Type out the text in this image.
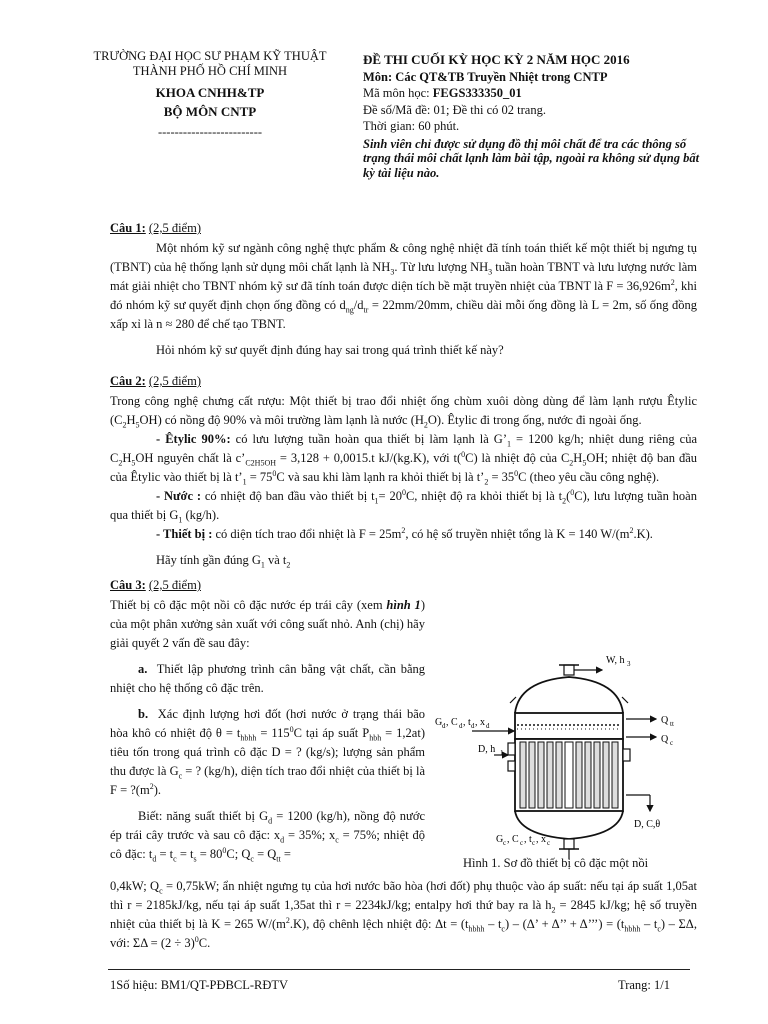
TRƯỜNG ĐẠI HỌC SƯ PHẠM KỸ THUẬT
THÀNH PHỐ HỒ CHÍ MINH
KHOA CNHH&TP
BỘ MÔN CNTP
-------------------------
ĐỀ THI CUỐI KỲ HỌC KỲ 2 NĂM HỌC 2016
Môn: Các QT&TB Truyền Nhiệt trong CNTP
Mã môn học: FEGS333350_01
Đề số/Mã đề: 01; Đề thi có 02 trang.
Thời gian: 60 phút.
Sinh viên chỉ được sử dụng đồ thị môi chất để tra các thông số trạng thái môi chất lạnh làm bài tập, ngoài ra không sử dụng bất kỳ tài liệu nào.
Câu 1: (2,5 điểm)

Một nhóm kỹ sư ngành công nghệ thực phẩm & công nghệ nhiệt đã tính toán thiết kế một thiết bị ngưng tụ (TBNT) của hệ thống lạnh sử dụng môi chất lạnh là $NH_3$. Từ lưu lượng $NH_3$ tuần hoàn TBNT và lưu lượng nước làm mát giải nhiệt cho TBNT nhóm kỹ sư đã tính toán được diện tích bề mặt truyền nhiệt của TBNT là $F = 36,926m^2$, khi đó nhóm kỹ sư quyết định chọn ống đồng có $d_{ng}/d_{tr} = 22mm/20mm$, chiều dài mỗi ống đồng là L = 2m, số ống đồng xấp xỉ là n ≈ 280 để chế tạo TBNT.

Hỏi nhóm kỹ sư quyết định đúng hay sai trong quá trình thiết kế này?

Câu 2: (2,5 điểm)

Trong công nghệ chưng cất rượu: Một thiết bị trao đổi nhiệt ống chùm xuôi dòng dùng để làm lạnh rượu Êtylic $(C_2H_5OH)$ có nồng độ 90% và môi trường làm lạnh là nước $(H_2O)$. Êtylic đi trong ống, nước đi ngoài ống.

- Êtylic 90%: có lưu lượng tuần hoàn qua thiết bị làm lạnh là $G’_1 = 1200$ kg/h; nhiệt dung riêng của $C_2H_5OH$ nguyên chất là $c’_{C2H5OH} = 3,128 + 0,0015.t$ kJ/(kg.K), với t($^0$C) là nhiệt độ của $C_2H_5OH$; nhiệt độ ban đầu của Êtylic vào thiết bị là $t’_1 = 75^0C$ và sau khi làm lạnh ra khỏi thiết bị là $t’_2 = 35^0C$ (theo yêu cầu công nghệ).

- Nước : có nhiệt độ ban đầu vào thiết bị $t_1= 20^0C$, nhiệt độ ra khỏi thiết bị là $t_2(^0C)$, lưu lượng tuần hoàn qua thiết bị $G_1$ (kg/h).

- Thiết bị : có diện tích trao đổi nhiệt là $F = 25m^2$, có hệ số truyền nhiệt tổng là K = 140 $W/(m^2.K)$.

Hãy tính gần đúng $G_1$ và $t_2$

Câu 3: (2,5 điểm)

Thiết bị cô đặc một nồi cô đặc nước ép trái cây (xem hình 1) của một phân xưởng sản xuất với công suất nhỏ. Anh (chị) hãy giải quyết 2 vấn đề sau đây:

a. Thiết lập phương trình cân bằng vật chất, cần bằng nhiệt cho hệ thống cô đặc trên.

b.  Xác định lượng hơi đốt (hơi nước ở trạng thái bão hòa khô có nhiệt độ $\theta = t_{hbhh} = 115^0C$ tại áp suất $P_{hbh} = 1,2at$) tiêu tốn trong quá trình cô đặc D = ? (kg/s); lượng sản phẩm thu được là $G_c$ = ? (kg/h), diện tích trao đổi nhiệt của thiết bị là $F = ?(m^2)$.

Biết: năng suất thiết bị $G_d = 1200$ (kg/h), nồng độ nước ép trái cây trước và sau cô đặc: $x_d = 35\%$; $x_c = 75\%$; nhiệt độ cô đặc: $t_d = t_c = t_s = 80^0C$; $Q_c = Q_{tt}$ =

W, h 3
G d , C d , t d , x d
D, h 1
Q tt
Q c
D, C,θ
G c , C c , t c , x c
Hình 1. Sơ đồ thiết bị cô đặc một nồi

0,4kW; $Q_c = 0,75kW$; ẩn nhiệt ngưng tụ của hơi nước bão hòa (hơi đốt) phụ thuộc vào áp suất: nếu tại áp suất 1,05at thì r = 2185kJ/kg, nếu tại áp suất 1,35at thì r = 2234kJ/kg; entalpy hơi thứ bay ra là $h_2 = 2845$ kJ/kg; hệ số truyền nhiệt của thiết bị là K = 265 $W/(m^2.K)$, độ chênh lệch nhiệt độ: $\Delta t = (t_{hbhh} - t_c) - (\Delta$’ + Δ’’ + Δ’’’) = $(t_{hbhh} - t_c)$ – ΣΔ, với: $\Sigma\Delta = (2 \div 3)^0C$.

1Số hiệu: BM1/QT-PĐBCL-RĐTV	Trang: 1/1
